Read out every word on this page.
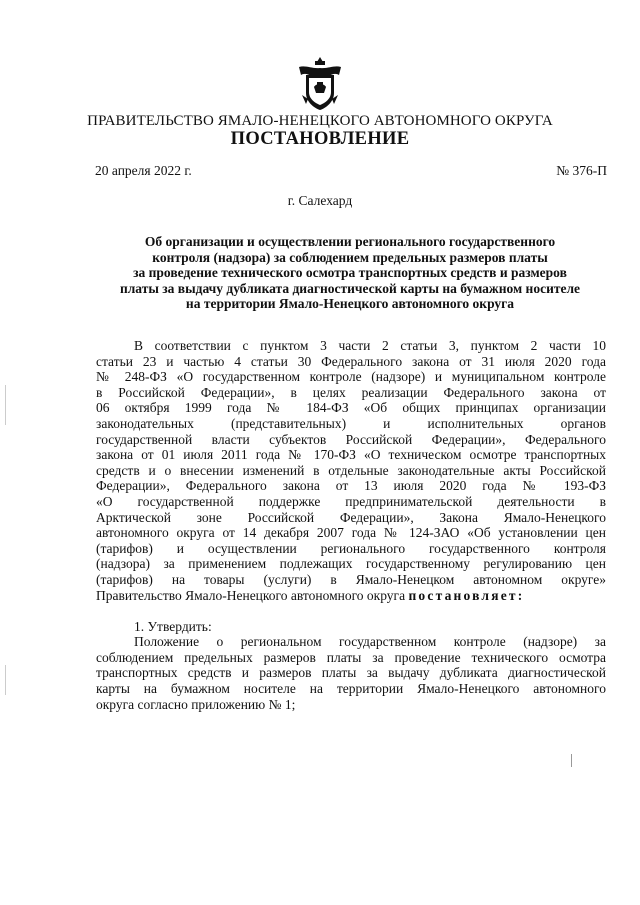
ПРАВИТЕЛЬСТВО ЯМАЛО-НЕНЕЦКОГО АВТОНОМНОГО ОКРУГА
ПОСТАНОВЛЕНИЕ
20 апреля 2022 г.	№ 376-П
г. Салехард
Об организации и осуществлении регионального государственного
контроля (надзора) за соблюдением предельных размеров платы
за проведение технического осмотра транспортных средств и размеров
платы за выдачу дубликата диагностической карты на бумажном носителе
на территории Ямало-Ненецкого автономного округа
В соответствии с пунктом 3 части 2 статьи 3, пунктом 2 части 10
статьи 23 и частью 4 статьи 30 Федерального закона от 31 июля 2020 года
№ 248-ФЗ «О государственном контроле (надзоре) и муниципальном контроле
в Российской Федерации», в целях реализации Федерального закона от
06 октября 1999 года № 184-ФЗ «Об общих принципах организации
законодательных (представительных) и исполнительных органов
государственной власти субъектов Российской Федерации», Федерального
закона от 01 июля 2011 года № 170-ФЗ «О техническом осмотре транспортных
средств и о внесении изменений в отдельные законодательные акты Российской
Федерации», Федерального закона от 13 июля 2020 года № 193-ФЗ
«О государственной поддержке предпринимательской деятельности в
Арктической зоне Российской Федерации», Закона Ямало-Ненецкого
автономного округа от 14 декабря 2007 года № 124-ЗАО «Об установлении цен
(тарифов) и осуществлении регионального государственного контроля
(надзора) за применением подлежащих государственному регулированию цен
(тарифов) на товары (услуги) в Ямало-Ненецком автономном округе»
Правительство Ямало-Ненецкого автономного округа постановляет:
1. Утвердить:
Положение о региональном государственном контроле (надзоре) за
соблюдением предельных размеров платы за проведение технического осмотра
транспортных средств и размеров платы за выдачу дубликата диагностической
карты на бумажном носителе на территории Ямало-Ненецкого автономного
округа согласно приложению № 1;
